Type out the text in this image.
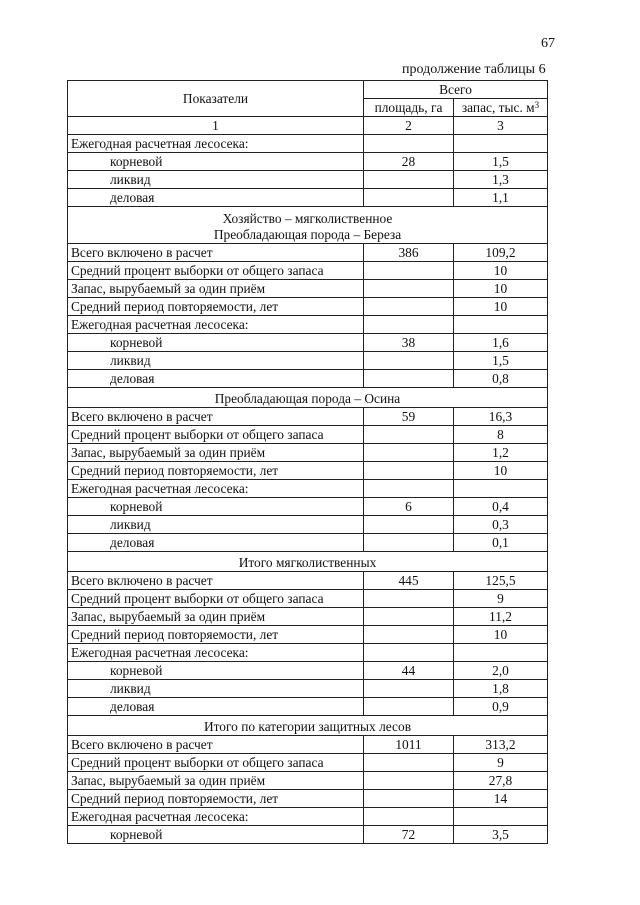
67
продолжение таблицы 6
Показатели	Всего	
	площадь, га	запас, тыс. $м^3$
1	2	3
Ежегодная расчетная лесосека:		
корневой	28	1,5
ликвид		1,3
деловая		1,1

Хозяйство – мягколиственное
Преобладающая порода – Береза		

Всего включено в расчет	386	109,2
Средний процент выборки от общего запаса		10
Запас, вырубаемый за один приём		10
Средний период повторяемости, лет		10
Ежегодная расчетная лесосека:		
корневой	38	1,6
ликвид		1,5
деловая		0,8

Преобладающая порода – Осина		

Всего включено в расчет	59	16,3
Средний процент выборки от общего запаса		8
Запас, вырубаемый за один приём		1,2
Средний период повторяемости, лет		10
Ежегодная расчетная лесосека:		
корневой	6	0,4
ликвид		0,3
деловая		0,1

Итого мягколиственных		

Всего включено в расчет	445	125,5
Средний процент выборки от общего запаса		9
Запас, вырубаемый за один приём		11,2
Средний период повторяемости, лет		10
Ежегодная расчетная лесосека:		
корневой	44	2,0
ликвид		1,8
деловая		0,9

Итого по категории защитных лесов		

Всего включено в расчет	1011	313,2
Средний процент выборки от общего запаса		9
Запас, вырубаемый за один приём		27,8
Средний период повторяемости, лет		14
Ежегодная расчетная лесосека:		
корневой	72	3,5
